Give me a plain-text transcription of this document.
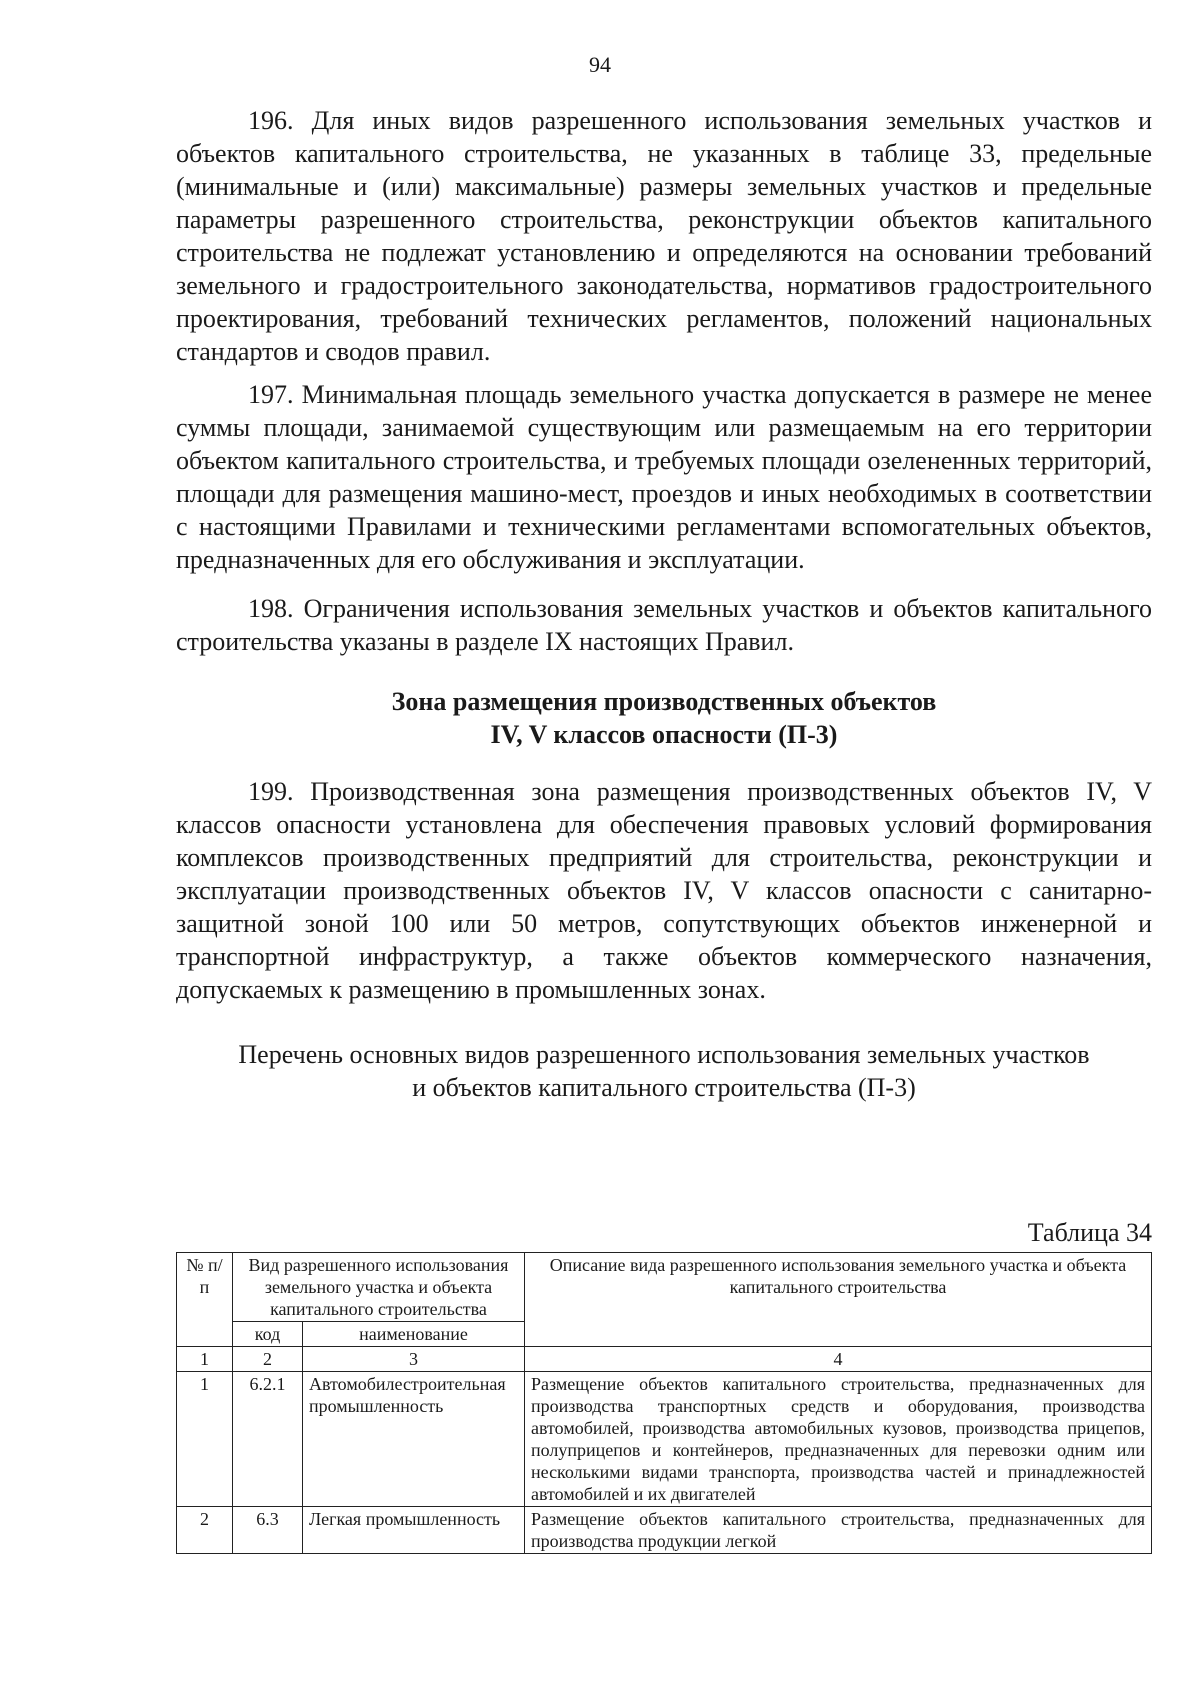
94

196. Для иных видов разрешенного использования земельных участков и объектов капитального строительства, не указанных в таблице 33, предельные (минимальные и (или) максимальные) размеры земельных участков и предельные параметры разрешенного строительства, реконструкции объектов капитального строительства не подлежат установлению и определяются на основании требований земельного и градостроительного законодательства, нормативов градостроительного проектирования, требований технических регламентов, положений национальных стандартов и сводов правил.

197. Минимальная площадь земельного участка допускается в размере не менее суммы площади, занимаемой существующим или размещаемым на его территории объектом капитального строительства, и требуемых площади озелененных территорий, площади для размещения машино-мест, проездов и иных необходимых в соответствии с настоящими Правилами и техническими регламентами вспомогательных объектов, предназначенных для его обслуживания и эксплуатации.

198. Ограничения использования земельных участков и объектов капитального строительства указаны в разделе IX настоящих Правил.

Зона размещения производственных объектов
IV, V классов опасности (П-3)

199. Производственная зона размещения производственных объектов IV, V классов опасности установлена для обеспечения правовых условий формирования комплексов производственных предприятий для строительства, реконструкции и эксплуатации производственных объектов IV, V классов опасности с санитарно-защитной зоной 100 или 50 метров, сопутствующих объектов инженерной и транспортной инфраструктур, а также объектов коммерческого назначения, допускаемых к размещению в промышленных зонах.

Перечень основных видов разрешенного использования земельных участков
и объектов капитального строительства (П-3)
Таблица 34
№ п/п	Вид разрешенного использования земельного участка и объекта капитального строительства		Описание вида разрешенного использования земельного участка и объекта капитального строительства
	код	наименование	
1	2	3	4
1	6.2.1	Автомобилестроительная промышленность	Размещение объектов капитального строительства, предназначенных для производства транспортных средств и оборудования, производства автомобилей, производства автомобильных кузовов, производства прицепов, полуприцепов и контейнеров, предназначенных для перевозки одним или несколькими видами транспорта, производства частей и принадлежностей автомобилей и их двигателей
2	6.3	Легкая промышленность	Размещение объектов капитального строительства, предназначенных для производства продукции легкой
